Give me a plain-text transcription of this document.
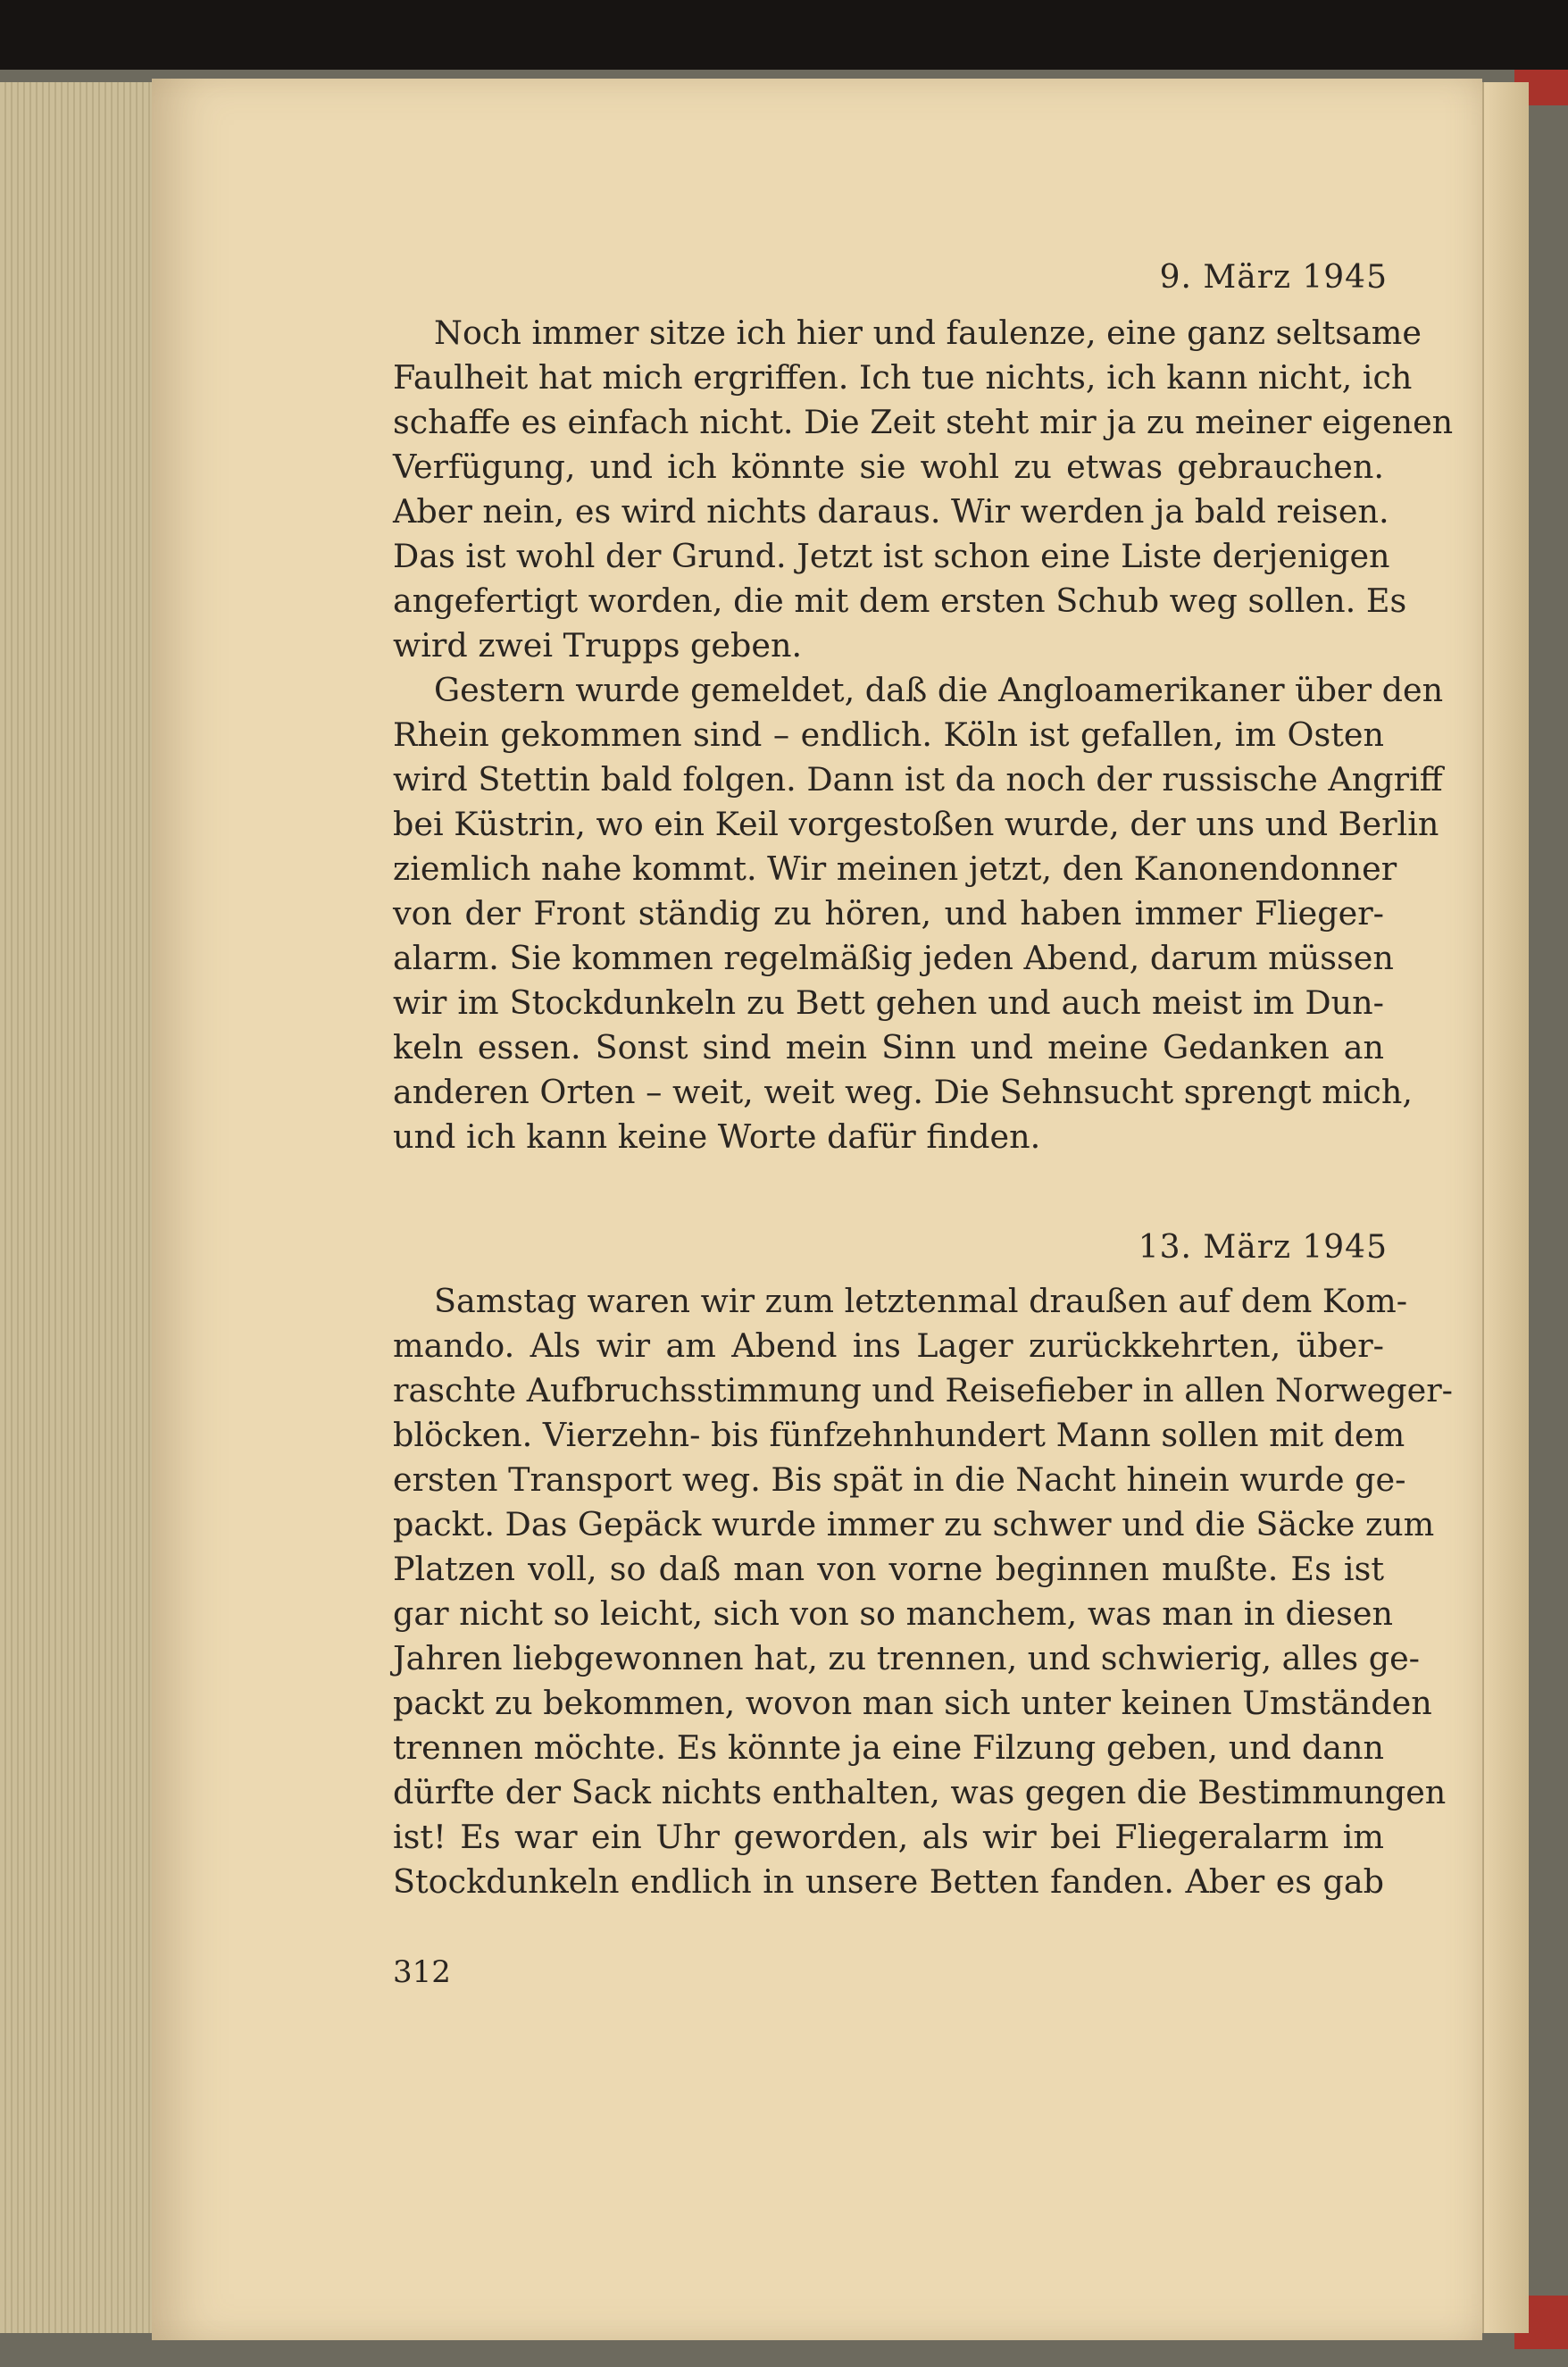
9. März 1945

Noch immer sitze ich hier und faulenze, eine ganz seltsame
Faulheit hat mich ergriffen. Ich tue nichts, ich kann nicht, ich
schaffe es einfach nicht. Die Zeit steht mir ja zu meiner eigenen
Verfügung, und ich könnte sie wohl zu etwas gebrauchen.
Aber nein, es wird nichts daraus. Wir werden ja bald reisen.
Das ist wohl der Grund. Jetzt ist schon eine Liste derjenigen
angefertigt worden, die mit dem ersten Schub weg sollen. Es
wird zwei Trupps geben.

Gestern wurde gemeldet, daß die Angloamerikaner über den
Rhein gekommen sind – endlich. Köln ist gefallen, im Osten
wird Stettin bald folgen. Dann ist da noch der russische Angriff
bei Küstrin, wo ein Keil vorgestoßen wurde, der uns und Berlin
ziemlich nahe kommt. Wir meinen jetzt, den Kanonendonner
von der Front ständig zu hören, und haben immer Flieger-
alarm. Sie kommen regelmäßig jeden Abend, darum müssen
wir im Stockdunkeln zu Bett gehen und auch meist im Dun-
keln essen. Sonst sind mein Sinn und meine Gedanken an
anderen Orten – weit, weit weg. Die Sehnsucht sprengt mich,
und ich kann keine Worte dafür finden.

13. März 1945

Samstag waren wir zum letztenmal draußen auf dem Kom-
mando. Als wir am Abend ins Lager zurückkehrten, über-
raschte Aufbruchsstimmung und Reisefieber in allen Norweger-
blöcken. Vierzehn- bis fünfzehnhundert Mann sollen mit dem
ersten Transport weg. Bis spät in die Nacht hinein wurde ge-
packt. Das Gepäck wurde immer zu schwer und die Säcke zum
Platzen voll, so daß man von vorne beginnen mußte. Es ist
gar nicht so leicht, sich von so manchem, was man in diesen
Jahren liebgewonnen hat, zu trennen, und schwierig, alles ge-
packt zu bekommen, wovon man sich unter keinen Umständen
trennen möchte. Es könnte ja eine Filzung geben, und dann
dürfte der Sack nichts enthalten, was gegen die Bestimmungen
ist! Es war ein Uhr geworden, als wir bei Fliegeralarm im
Stockdunkeln endlich in unsere Betten fanden. Aber es gab

312
